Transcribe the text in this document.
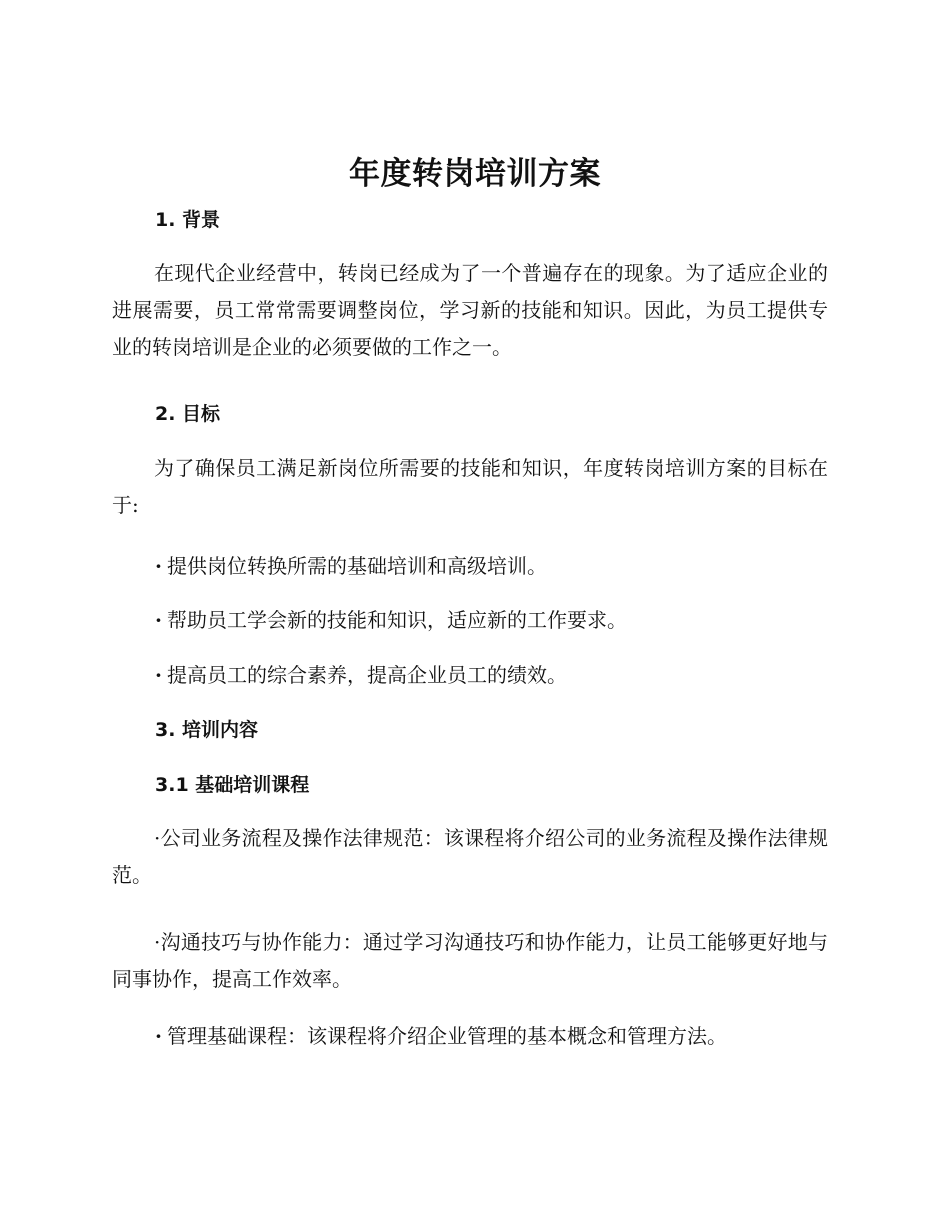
年度转岗培训方案
1. 背景

在现代企业经营中，转岗已经成为了一个普遍存在的现象。为了适应企业的进展需要，员工常常需要调整岗位，学习新的技能和知识。因此，为员工提供专业的转岗培训是企业的必须要做的工作之一。

2. 目标

为了确保员工满足新岗位所需要的技能和知识，年度转岗培训方案的目标在于:

· 提供岗位转换所需的基础培训和高级培训。

· 帮助员工学会新的技能和知识，适应新的工作要求。

· 提高员工的综合素养，提高企业员工的绩效。

3. 培训内容
3.1 基础培训课程

·公司业务流程及操作法律规范：该课程将介绍公司的业务流程及操作法律规范。

·沟通技巧与协作能力：通过学习沟通技巧和协作能力，让员工能够更好地与同事协作，提高工作效率。

· 管理基础课程：该课程将介绍企业管理的基本概念和管理方法。
